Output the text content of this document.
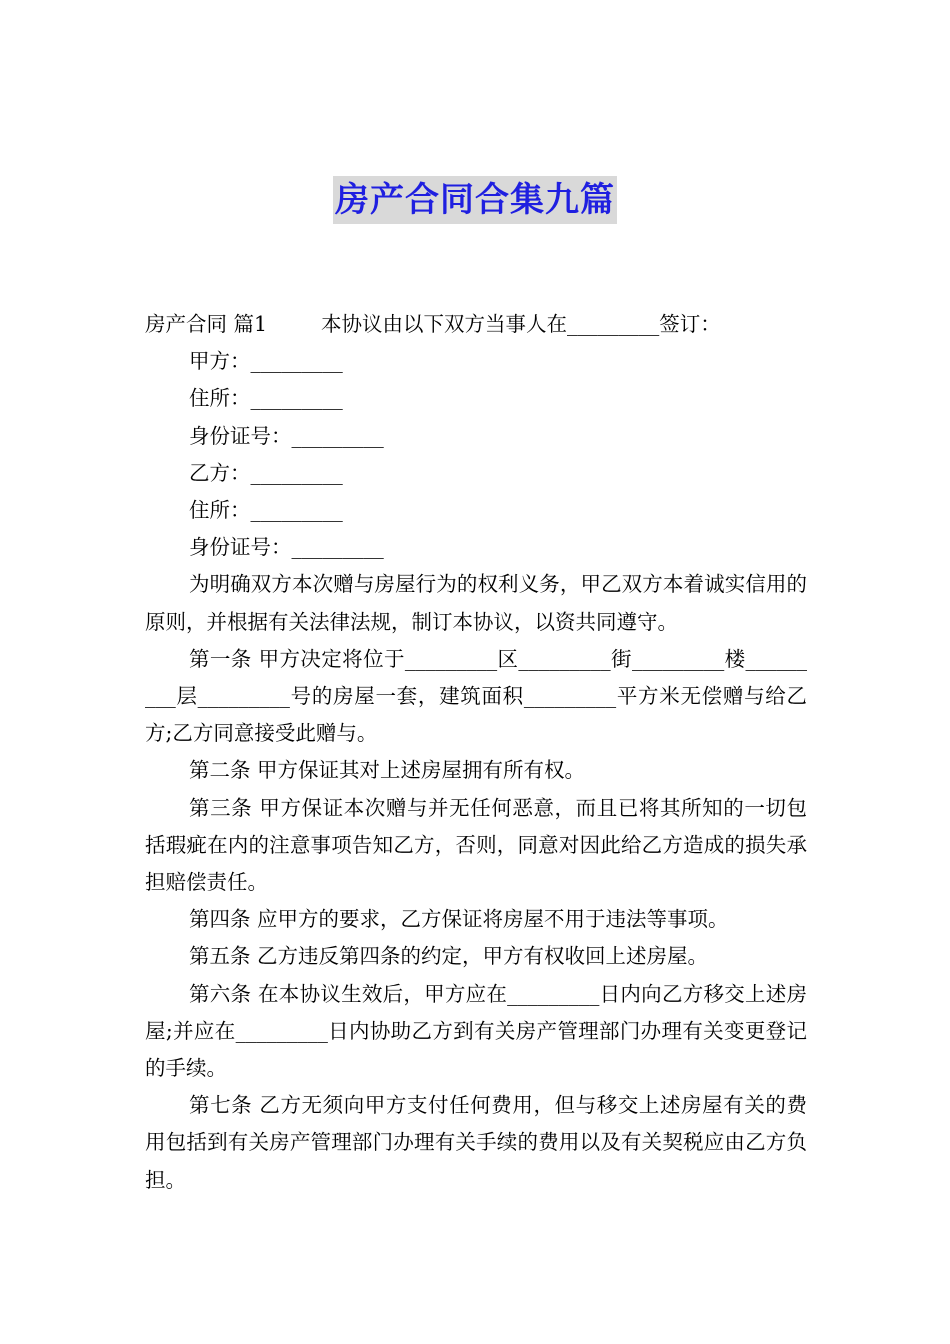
房产合同合集九篇
房产合同 篇1	本协议由以下双方当事人在_________签订：
甲方：_________
住所：_________
身份证号：_________
乙方：_________
住所：_________
身份证号：_________

为明确双方本次赠与房屋行为的权利义务，甲乙双方本着诚实信用的原则，并根据有关法律法规，制订本协议，以资共同遵守。

第一条 甲方决定将位于_________区_________街_________楼_________层_________号的房屋一套，建筑面积_________平方米无偿赠与给乙方;乙方同意接受此赠与。

第二条 甲方保证其对上述房屋拥有所有权。

第三条 甲方保证本次赠与并无任何恶意，而且已将其所知的一切包括瑕疵在内的注意事项告知乙方，否则，同意对因此给乙方造成的损失承担赔偿责任。

第四条 应甲方的要求，乙方保证将房屋不用于违法等事项。

第五条 乙方违反第四条的约定，甲方有权收回上述房屋。

第六条 在本协议生效后，甲方应在_________日内向乙方移交上述房屋;并应在_________日内协助乙方到有关房产管理部门办理有关变更登记的手续。

第七条 乙方无须向甲方支付任何费用，但与移交上述房屋有关的费用包括到有关房产管理部门办理有关手续的费用以及有关契税应由乙方负担。
